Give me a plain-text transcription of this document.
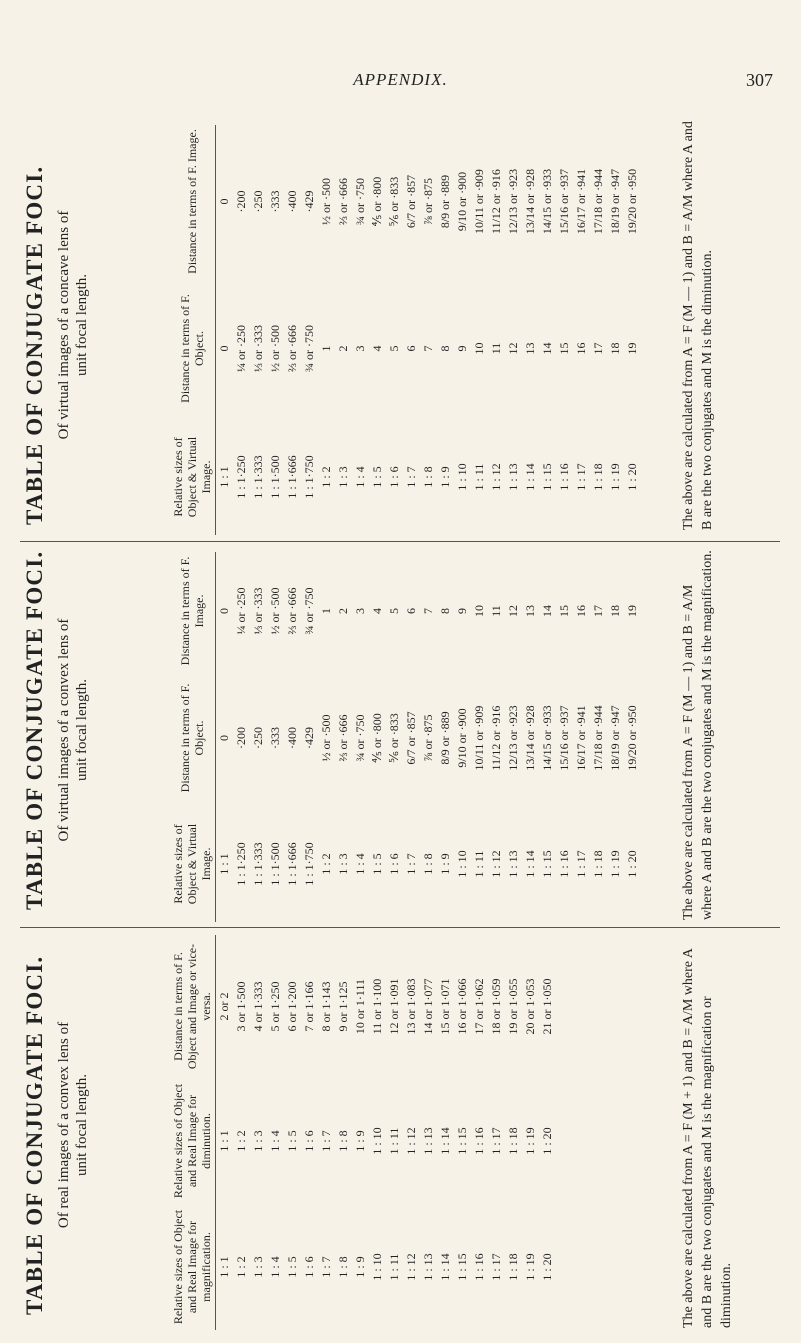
APPENDIX.	307
TABLE OF CONJUGATE FOCI. Of real images of a convex lens of unit focal length.
Relative sizes of Object and Real Image for magnification.	Relative sizes of Object and Real Image for diminution.	Distance in terms of F. Object and Image or vice-versa.
1 : 1	1 : 1	2 or 2
1 : 2	1 : 2	3 or 1·500
1 : 3	1 : 3	4 or 1·333
1 : 4	1 : 4	5 or 1·250
1 : 5	1 : 5	6 or 1·200
1 : 6	1 : 6	7 or 1·166
1 : 7	1 : 7	8 or 1·143
1 : 8	1 : 8	9 or 1·125
1 : 9	1 : 9	10 or 1·111
1 : 10	1 : 10	11 or 1·100
1 : 11	1 : 11	12 or 1·091
1 : 12	1 : 12	13 or 1·083
1 : 13	1 : 13	14 or 1·077
1 : 14	1 : 14	15 or 1·071
1 : 15	1 : 15	16 or 1·066
1 : 16	1 : 16	17 or 1·062
1 : 17	1 : 17	18 or 1·059
1 : 18	1 : 18	19 or 1·055
1 : 19	1 : 19	20 or 1·053
1 : 20	1 : 20	21 or 1·050	The above are calculated from A = F (M + 1) and B = A/M where A and B are the two conjugates and M is the magnification or diminution.
TABLE OF CONJUGATE FOCI. Of virtual images of a convex lens of unit focal length.
Relative sizes of Object & Virtual Image.	Distance in terms of F. Object.	Distance in terms of F. Image.
1 : 1	0	0
1 : 1·250	·200	¼ or ·250
1 : 1·333	·250	⅓ or ·333
1 : 1·500	·333	½ or ·500
1 : 1·666	·400	⅔ or ·666
1 : 1·750	·429	¾ or ·750
1 : 2	½ or ·500	1
1 : 3	⅔ or ·666	2
1 : 4	¾ or ·750	3
1 : 5	⅘ or ·800	4
1 : 6	⅚ or ·833	5
1 : 7	6/7 or ·857	6
1 : 8	⅞ or ·875	7
1 : 9	8/9 or ·889	8
1 : 10	9/10 or ·900	9
1 : 11	10/11 or ·909	10
1 : 12	11/12 or ·916	11
1 : 13	12/13 or ·923	12
1 : 14	13/14 or ·928	13
1 : 15	14/15 or ·933	14
1 : 16	15/16 or ·937	15
1 : 17	16/17 or ·941	16
1 : 18	17/18 or ·944	17
1 : 19	18/19 or ·947	18
1 : 20	19/20 or ·950	19	The above are calculated from A = F (M — 1) and B = A/M where A and B are the two conjugates and M is the magnification.
TABLE OF CONJUGATE FOCI. Of virtual images of a concave lens of unit focal length.
Relative sizes of Object & Virtual Image.	Distance in terms of F. Object.	Distance in terms of F. Image.
1 : 1	0	0
1 : 1·250	¼ or ·250	·200
1 : 1·333	⅓ or ·333	·250
1 : 1·500	½ or ·500	·333
1 : 1·666	⅔ or ·666	·400
1 : 1·750	¾ or ·750	·429
1 : 2	1	½ or ·500
1 : 3	2	⅔ or ·666
1 : 4	3	¾ or ·750
1 : 5	4	⅘ or ·800
1 : 6	5	⅚ or ·833
1 : 7	6	6/7 or ·857
1 : 8	7	⅞ or ·875
1 : 9	8	8/9 or ·889
1 : 10	9	9/10 or ·900
1 : 11	10	10/11 or ·909
1 : 12	11	11/12 or ·916
1 : 13	12	12/13 or ·923
1 : 14	13	13/14 or ·928
1 : 15	14	14/15 or ·933
1 : 16	15	15/16 or ·937
1 : 17	16	16/17 or ·941
1 : 18	17	17/18 or ·944
1 : 19	18	18/19 or ·947
1 : 20	19	19/20 or ·950	The above are calculated from A = F (M — 1) and B = A/M where A and B are the two conjugates and M is the diminution.
